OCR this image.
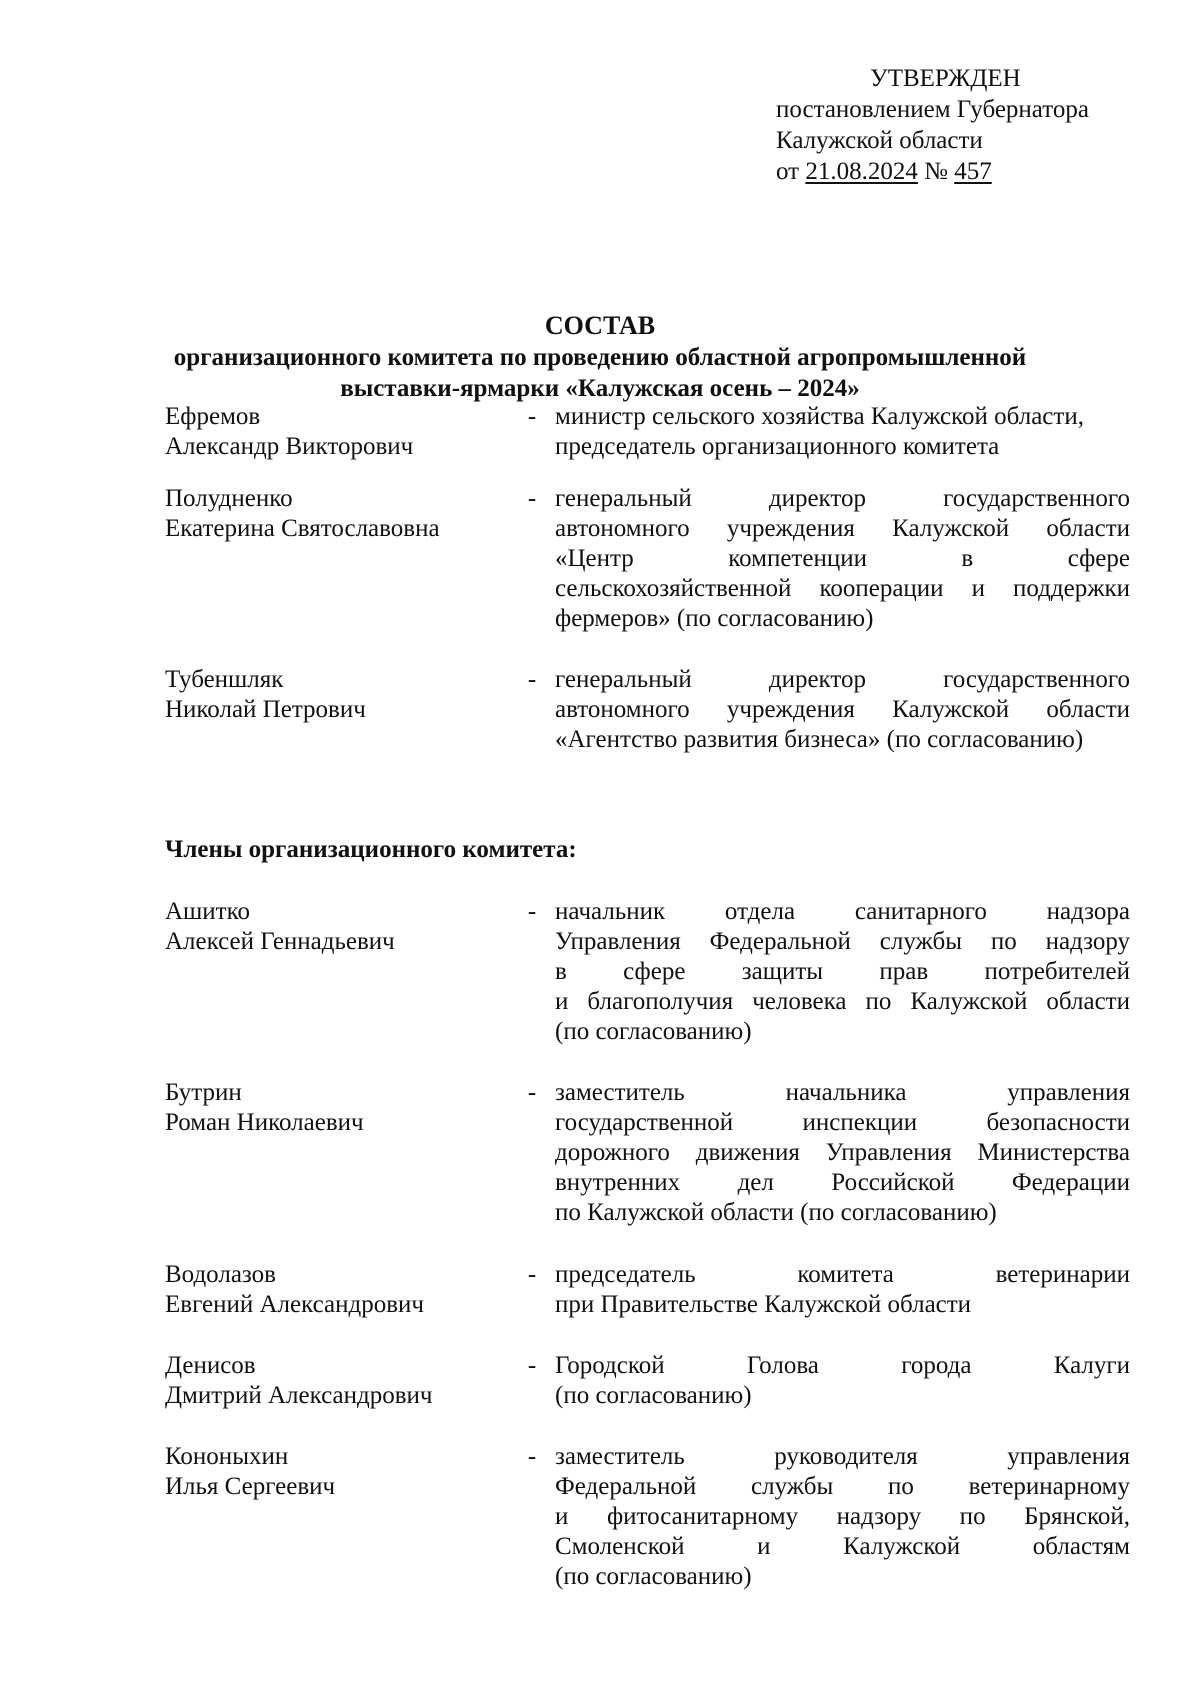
УТВЕРЖДЕН
постановлением Губернатора
Калужской области
от 21.08.2024 № 457
СОСТАВ
организационного комитета по проведению областной агропромышленной
выставки-ярмарки «Калужская осень – 2024»
Ефремов
Александр Викторович
- министр сельского хозяйства Калужской области,
председатель организационного комитета
Полудненко
Екатерина Святославовна
- генеральный директор государственного
автономного учреждения Калужской области
«Центр компетенции в сфере
сельскохозяйственной кооперации и поддержки
фермеров» (по согласованию)
Тубеншляк
Николай Петрович
- генеральный директор государственного
автономного учреждения Калужской области
«Агентство развития бизнеса» (по согласованию)
Члены организационного комитета:
Ашитко
Алексей Геннадьевич
- начальник отдела санитарного надзора
Управления Федеральной службы по надзору
в сфере защиты прав потребителей
и благополучия человека по Калужской области
(по согласованию)
Бутрин
Роман Николаевич
- заместитель начальника управления
государственной инспекции безопасности
дорожного движения Управления Министерства
внутренних дел Российской Федерации
по Калужской области (по согласованию)
Водолазов
Евгений Александрович
- председатель комитета ветеринарии
при Правительстве Калужской области
Денисов
Дмитрий Александрович
- Городской Голова города Калуги
(по согласованию)
Кононыхин
Илья Сергеевич
- заместитель руководителя управления
Федеральной службы по ветеринарному
и фитосанитарному надзору по Брянской,
Смоленской и Калужской областям
(по согласованию)
